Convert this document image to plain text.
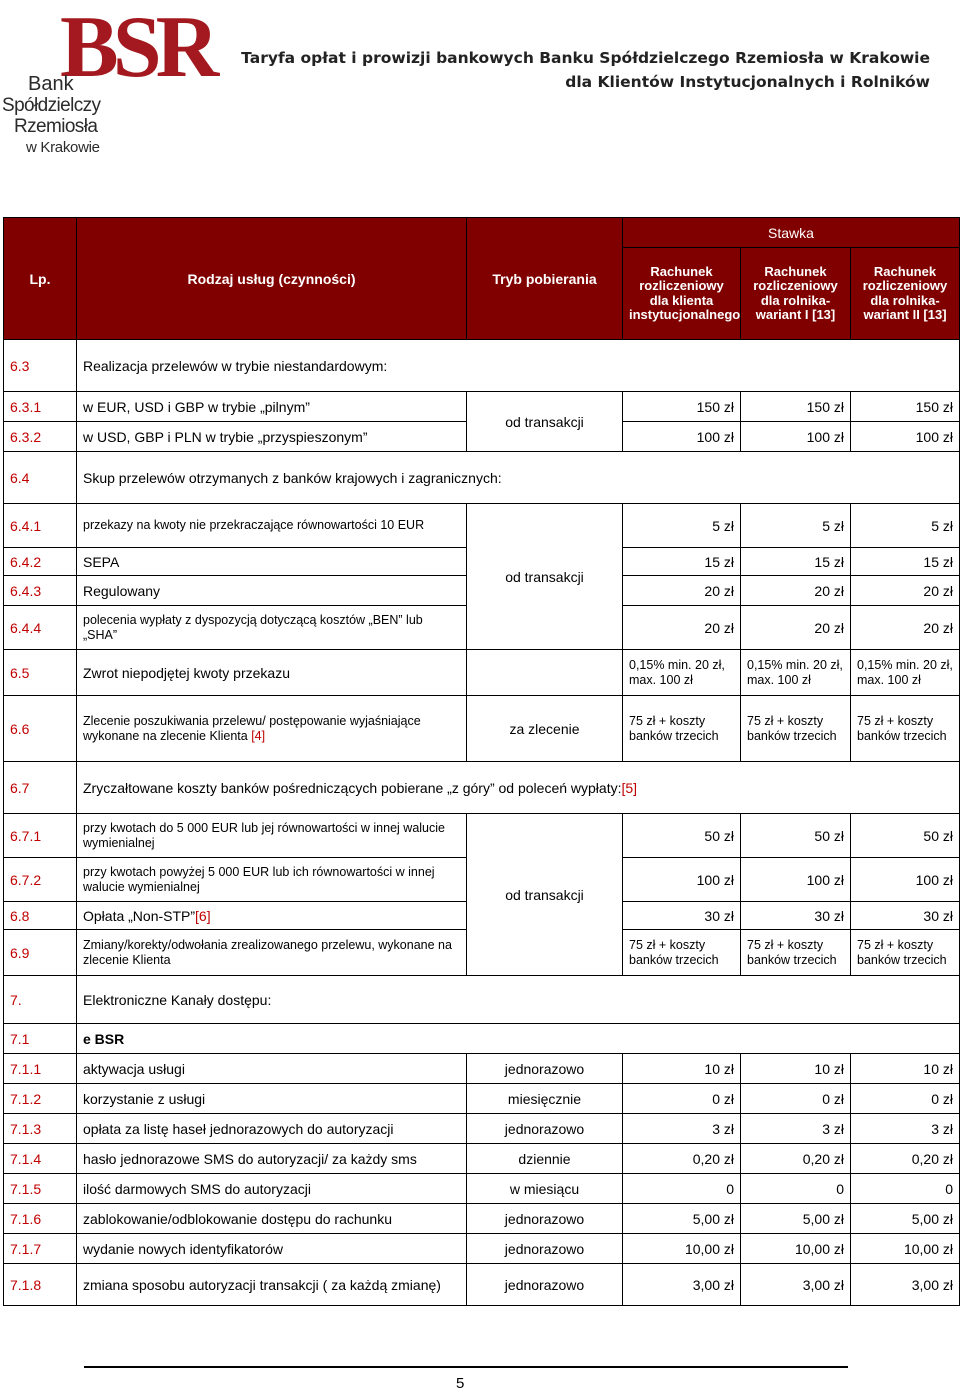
BSR
Bank
Spółdzielczy
Rzemiosła
w Krakowie
Taryfa opłat i prowizji bankowych Banku Spółdzielczego Rzemiosła w Krakowie
dla Klientów Instytucjonalnych i Rolników
Lp.	Rodzaj usług (czynności)	Tryb pobierania	Stawka		
			Rachunek rozliczeniowy dla klienta instytucjonalnego	Rachunek rozliczeniowy dla rolnika-wariant I [13]	Rachunek rozliczeniowy dla rolnika-wariant II [13]
6.3	Realizacja przelewów w trybie niestandardowym:				
6.3.1	w EUR, USD i GBP w trybie „pilnym”	od transakcji	150 zł	150 zł	150 zł
6.3.2	w USD, GBP i PLN w trybie „przyspieszonym”		100 zł	100 zł	100 zł
6.4	Skup przelewów otrzymanych z banków krajowych i zagranicznych:				
6.4.1	przekazy na kwoty nie przekraczające równowartości 10 EUR	od transakcji	5 zł	5 zł	5 zł
6.4.2	SEPA		15 zł	15 zł	15 zł
6.4.3	Regulowany		20 zł	20 zł	20 zł
6.4.4	polecenia wypłaty z dyspozycją dotyczącą kosztów „BEN” lub „SHA”		20 zł	20 zł	20 zł
6.5	Zwrot niepodjętej kwoty przekazu		0,15% min. 20 zł, max. 100 zł	0,15% min. 20 zł, max. 100 zł	0,15% min. 20 zł, max. 100 zł
6.6	Zlecenie poszukiwania przelewu/ postępowanie wyjaśniające wykonane na zlecenie Klienta [4]	za zlecenie	75 zł + koszty banków trzecich	75 zł + koszty banków trzecich	75 zł + koszty banków trzecich
6.7	Zryczałtowane koszty banków pośredniczących pobierane „z góry” od poleceń wypłaty:[5]				
6.7.1	przy kwotach do 5 000 EUR lub jej równowartości w innej walucie wymienialnej	od transakcji	50 zł	50 zł	50 zł
6.7.2	przy kwotach powyżej 5 000 EUR lub ich równowartości w innej walucie wymienialnej		100 zł	100 zł	100 zł
6.8	Opłata „Non-STP”[6]		30 zł	30 zł	30 zł
6.9	Zmiany/korekty/odwołania zrealizowanego przelewu, wykonane na zlecenie Klienta		75 zł + koszty banków trzecich	75 zł + koszty banków trzecich	75 zł + koszty banków trzecich
7.	Elektroniczne Kanały dostępu:				
7.1	e BSR				
7.1.1	aktywacja usługi	jednorazowo	10 zł	10 zł	10 zł
7.1.2	korzystanie z usługi	miesięcznie	0 zł	0 zł	0 zł
7.1.3	opłata za listę haseł jednorazowych do autoryzacji	jednorazowo	3 zł	3 zł	3 zł
7.1.4	hasło jednorazowe SMS do autoryzacji/ za każdy sms	dziennie	0,20 zł	0,20 zł	0,20 zł
7.1.5	ilość darmowych SMS do autoryzacji	w miesiącu	0	0	0
7.1.6	zablokowanie/odblokowanie dostępu do rachunku	jednorazowo	5,00 zł	5,00 zł	5,00 zł
7.1.7	wydanie nowych identyfikatorów	jednorazowo	10,00 zł	10,00 zł	10,00 zł
7.1.8	zmiana sposobu autoryzacji transakcji ( za każdą zmianę)	jednorazowo	3,00 zł	3,00 zł	3,00 zł
5
